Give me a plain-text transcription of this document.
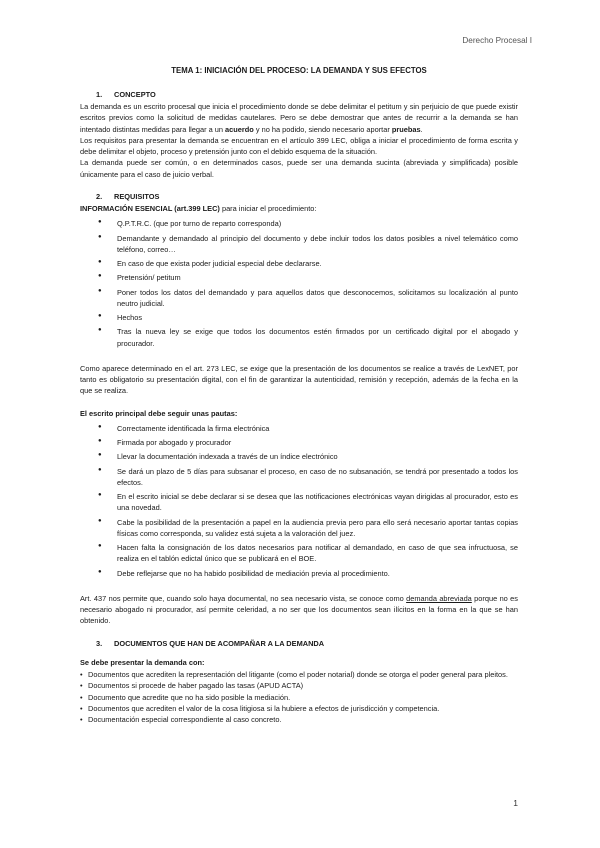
Derecho Procesal I
TEMA 1: INICIACIÓN DEL PROCESO: LA DEMANDA Y SUS EFECTOS
1.	CONCEPTO

La demanda es un escrito procesal que inicia el procedimiento donde se debe delimitar el petitum y sin perjuicio de que puede existir escritos previos como la solicitud de medidas cautelares. Pero se debe demostrar que antes de recurrir a la demanda se han intentado distintas medidas para llegar a un acuerdo y no ha podido, siendo necesario aportar pruebas.

Los requisitos para presentar la demanda se encuentran en el artículo 399 LEC, obliga a iniciar el procedimiento de forma escrita y debe delimitar el objeto, proceso y pretensión junto con el debido esquema de la situación.

La demanda puede ser común, o en determinados casos, puede ser una demanda sucinta (abreviada y simplificada) posible únicamente para el caso de juicio verbal.

2.	REQUISITOS

INFORMACIÓN ESENCIAL (art.399 LEC) para iniciar el procedimiento:

● Q.P.T.R.C. (que por turno de reparto corresponda)
● Demandante y demandado al principio del documento y debe incluir todos los datos posibles a nivel telemático como teléfono, correo…
● En caso de que exista poder judicial especial debe declararse.
● Pretensión/ petitum
● Poner todos los datos del demandado y para aquellos datos que desconocemos, solicitamos su localización al punto neutro judicial.
● Hechos
● Tras la nueva ley se exige que todos los documentos estén firmados por un certificado digital por el abogado y procurador.

Como aparece determinado en el art. 273 LEC, se exige que la presentación de los documentos se realice a través de LexNET, por tanto es obligatorio su presentación digital, con el fin de garantizar la autenticidad, remisión y recepción, además de la fecha en la que se realiza.

El escrito principal debe seguir unas pautas:

● Correctamente identificada la firma electrónica
● Firmada por abogado y procurador
● Llevar la documentación indexada a través de un índice electrónico
● Se dará un plazo de 5 días para subsanar el proceso, en caso de no subsanación, se tendrá por presentado a todos los efectos.
● En el escrito inicial se debe declarar si se desea que las notificaciones electrónicas vayan dirigidas al procurador, esto es una novedad.
● Cabe la posibilidad de la presentación a papel en la audiencia previa pero para ello será necesario aportar tantas copias físicas como corresponda, su validez está sujeta a la valoración del juez.
● Hacen falta la consignación de los datos necesarios para notificar al demandado, en caso de que sea infructuosa, se realiza en el tablón edictal único que se publicará en el BOE.
● Debe reflejarse que no ha habido posibilidad de mediación previa al procedimiento.

Art. 437 nos permite que, cuando solo haya documental, no sea necesario vista, se conoce como demanda abreviada porque no es necesario abogado ni procurador, así permite celeridad, a no ser que los documentos sean ilícitos en la forma en la que se han obtenido.

3.	DOCUMENTOS QUE HAN DE ACOMPAÑAR A LA DEMANDA

Se debe presentar la demanda con:

• Documentos que acrediten la representación del litigante (como el poder notarial) donde se otorga el poder general para pleitos.
• Documentos si procede de haber pagado las tasas (APUD ACTA)
• Documento que acredite que no ha sido posible la mediación.
• Documentos que acrediten el valor de la cosa litigiosa si la hubiere a efectos de jurisdicción y competencia.
• Documentación especial correspondiente al caso concreto.
1
